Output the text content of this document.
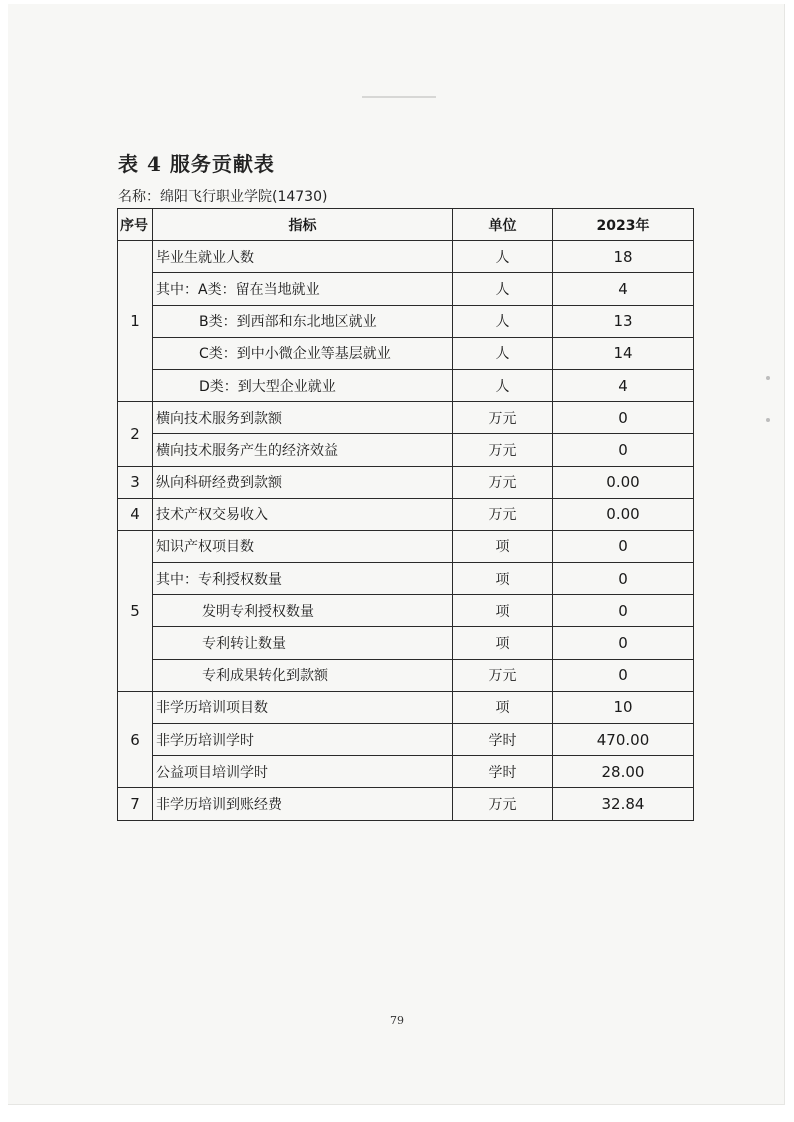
表 4 服务贡献表
名称：绵阳飞行职业学院(14730)
序号	指标	单位	2023年
1	毕业生就业人数	人	18
	其中：A类：留在当地就业	人	4
	B类：到西部和东北地区就业	人	13
	C类：到中小微企业等基层就业	人	14
	D类：到大型企业就业	人	4
2	横向技术服务到款额	万元	0
	横向技术服务产生的经济效益	万元	0
3	纵向科研经费到款额	万元	0.00
4	技术产权交易收入	万元	0.00
5	知识产权项目数	项	0
	其中：专利授权数量	项	0
	发明专利授权数量	项	0
	专利转让数量	项	0
	专利成果转化到款额	万元	0
6	非学历培训项目数	项	10
	非学历培训学时	学时	470.00
	公益项目培训学时	学时	28.00
7	非学历培训到账经费	万元	32.84
79
